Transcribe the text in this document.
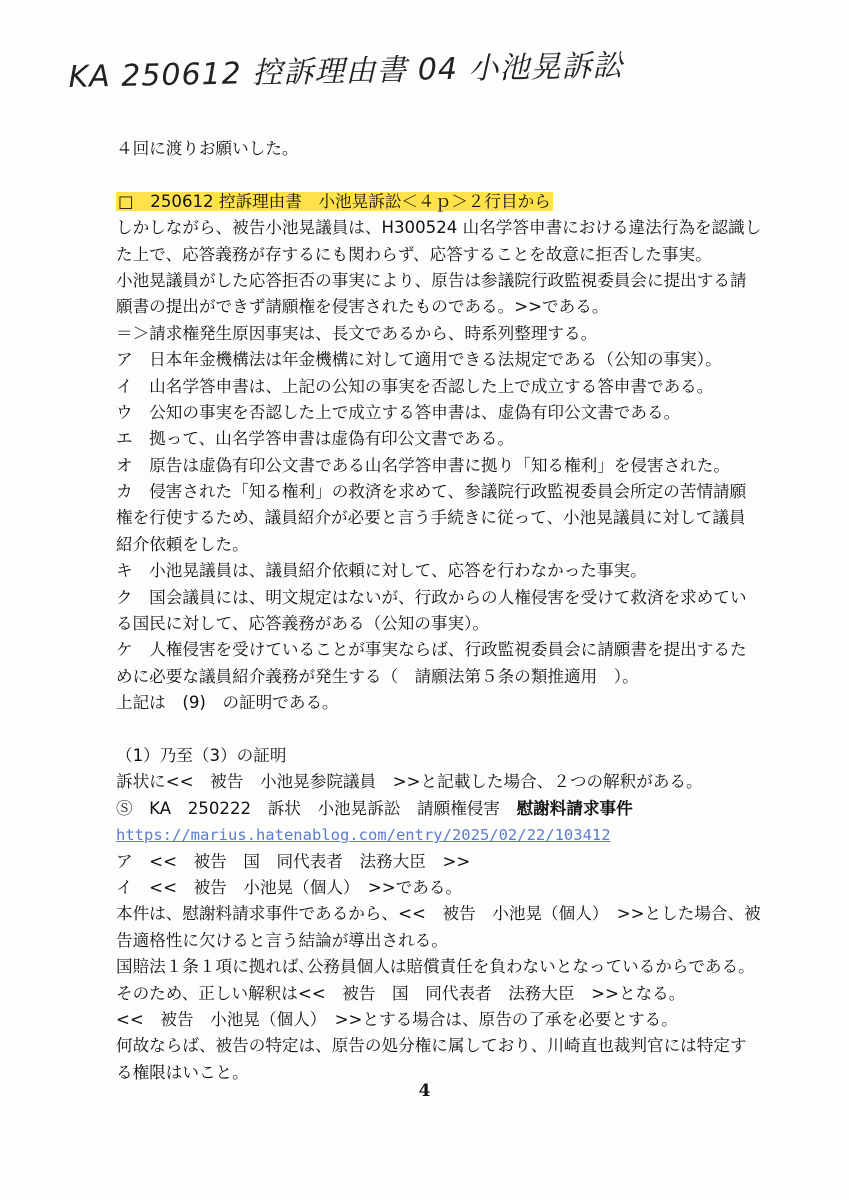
KA 250612 控訴理由書 04 小池晃訴訟
４回に渡りお願いした。
□　250612 控訴理由書　小池晃訴訟＜４ｐ＞２行目から
しかしながら、被告小池晃議員は、H300524 山名学答申書における違法行為を認識し
た上で、応答義務が存するにも関わらず、応答することを故意に拒否した事実。
小池晃議員がした応答拒否の事実により、原告は参議院行政監視委員会に提出する請
願書の提出ができず請願権を侵害されたものである。>>である。
＝＞請求権発生原因事実は、長文であるから、時系列整理する。
ア　日本年金機構法は年金機構に対して適用できる法規定である（公知の事実）。
イ　山名学答申書は、上記の公知の事実を否認した上で成立する答申書である。
ウ　公知の事実を否認した上で成立する答申書は、虚偽有印公文書である。
エ　拠って、山名学答申書は虚偽有印公文書である。
オ　原告は虚偽有印公文書である山名学答申書に拠り「知る権利」を侵害された。
カ　侵害された「知る権利」の救済を求めて、参議院行政監視委員会所定の苦情請願
権を行使するため、議員紹介が必要と言う手続きに従って、小池晃議員に対して議員
紹介依頼をした。
キ　小池晃議員は、議員紹介依頼に対して、応答を行わなかった事実。
ク　国会議員には、明文規定はないが、行政からの人権侵害を受けて救済を求めてい
る国民に対して、応答義務がある（公知の事実）。
ケ　人権侵害を受けていることが事実ならば、行政監視委員会に請願書を提出するた
めに必要な議員紹介義務が発生する（　請願法第５条の類推適用　）。
上記は　(9)　の証明である。
（1）乃至（3）の証明
訴状に<<　被告　小池晃参院議員　>>と記載した場合、２つの解釈がある。
Ⓢ　KA　250222　訴状　小池晃訴訟　請願権侵害　慰謝料請求事件
https://marius.hatenablog.com/entry/2025/02/22/103412
ア　<<　被告　国　同代表者　法務大臣　>>
イ　<<　被告　小池晃（個人）　>>である。
本件は、慰謝料請求事件であるから、<<　被告　小池晃（個人）　>>とした場合、被
告適格性に欠けると言う結論が導出される。
国賠法１条１項に拠れば､公務員個人は賠償責任を負わないとなっているからである。
そのため、正しい解釈は<<　被告　国　同代表者　法務大臣　>>となる。
<<　被告　小池晃（個人）　>>とする場合は、原告の了承を必要とする。
何故ならば、被告の特定は、原告の処分権に属しており、川崎直也裁判官には特定す
る権限はいこと。
4
